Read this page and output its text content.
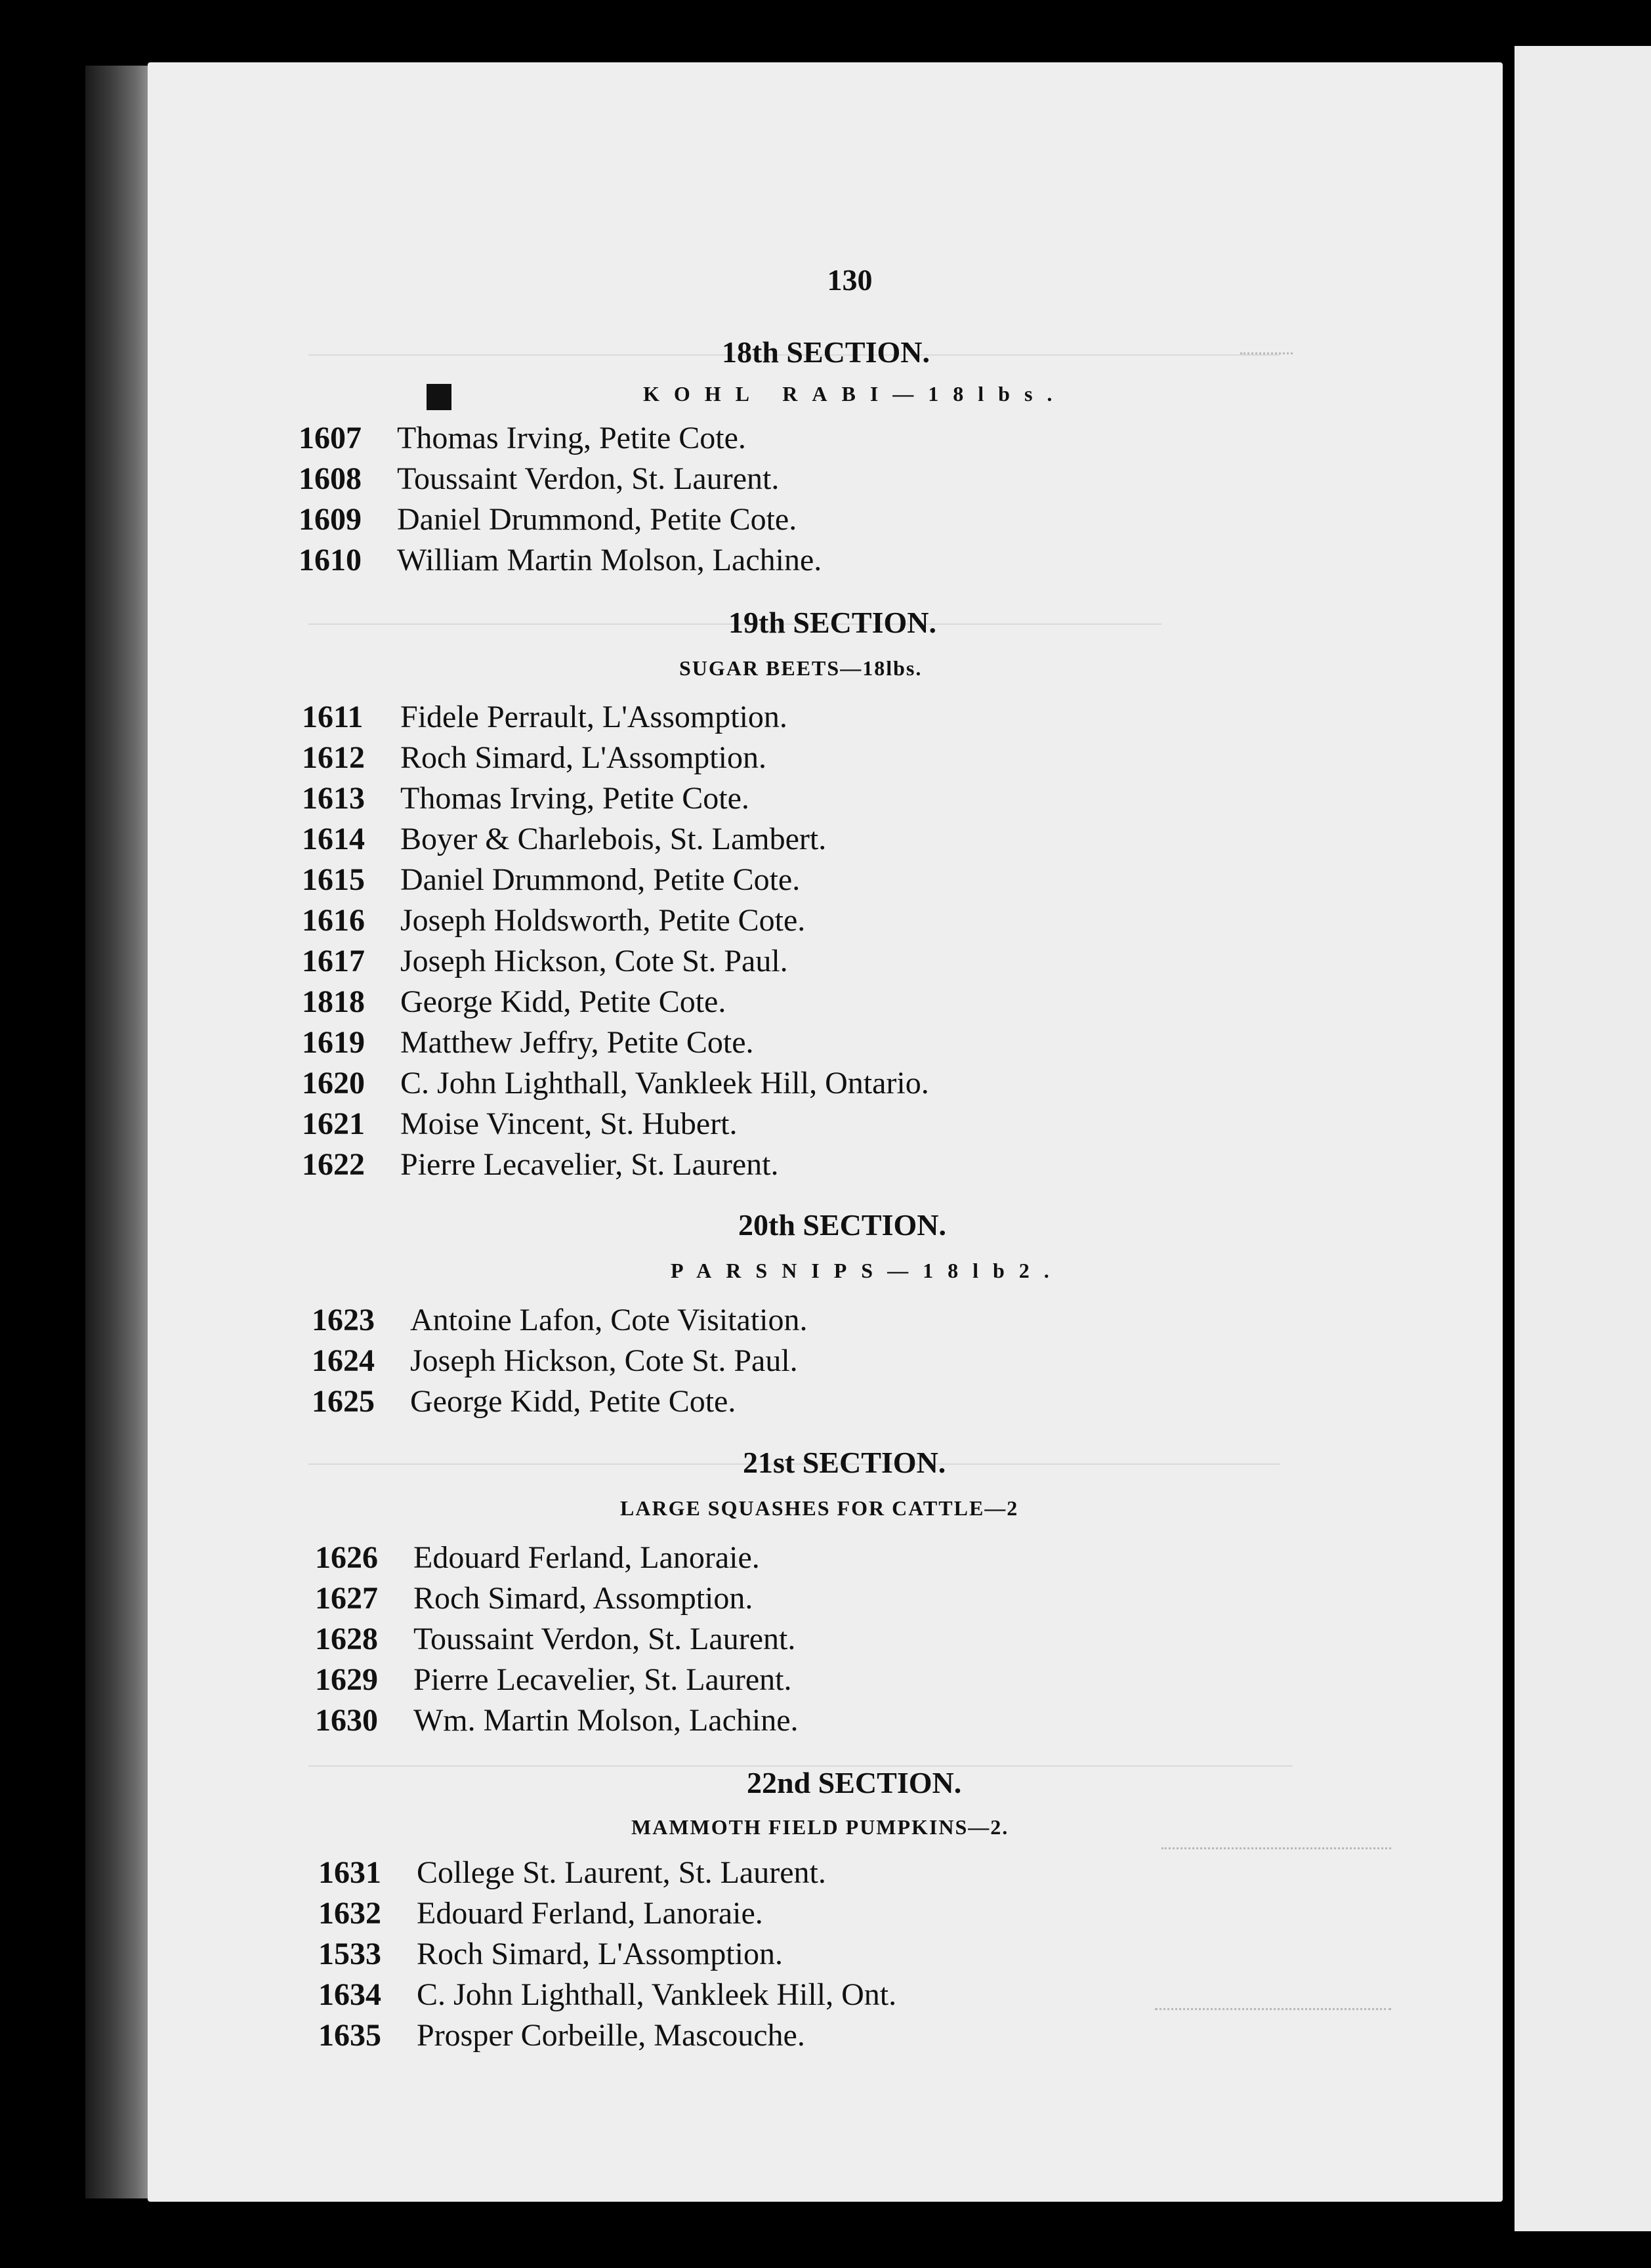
130
18th SECTION.
KOHL RABI—18lbs.
1607 Thomas Irving, Petite Cote.
1608 Toussaint Verdon, St. Laurent.
1609 Daniel Drummond, Petite Cote.
1610 William Martin Molson, Lachine.
19th SECTION.
SUGAR BEETS—18lbs.
1611 Fidele Perrault, L'Assomption.
1612 Roch Simard, L'Assomption.
1613 Thomas Irving, Petite Cote.
1614 Boyer & Charlebois, St. Lambert.
1615 Daniel Drummond, Petite Cote.
1616 Joseph Holdsworth, Petite Cote.
1617 Joseph Hickson, Cote St. Paul.
1818 George Kidd, Petite Cote.
1619 Matthew Jeffry, Petite Cote.
1620 C. John Lighthall, Vankleek Hill, Ontario.
1621 Moise Vincent, St. Hubert.
1622 Pierre Lecavelier, St. Laurent.
20th SECTION.
PARSNIPS—18lb2.
1623 Antoine Lafon, Cote Visitation.
1624 Joseph Hickson, Cote St. Paul.
1625 George Kidd, Petite Cote.
21st SECTION.
LARGE SQUASHES FOR CATTLE—2
1626 Edouard Ferland, Lanoraie.
1627 Roch Simard, Assomption.
1628 Toussaint Verdon, St. Laurent.
1629 Pierre Lecavelier, St. Laurent.
1630 Wm. Martin Molson, Lachine.
22nd SECTION.
MAMMOTH FIELD PUMPKINS—2.
1631 College St. Laurent, St. Laurent.
1632 Edouard Ferland, Lanoraie.
1533 Roch Simard, L'Assomption.
1634 C. John Lighthall, Vankleek Hill, Ont.
1635 Prosper Corbeille, Mascouche.
